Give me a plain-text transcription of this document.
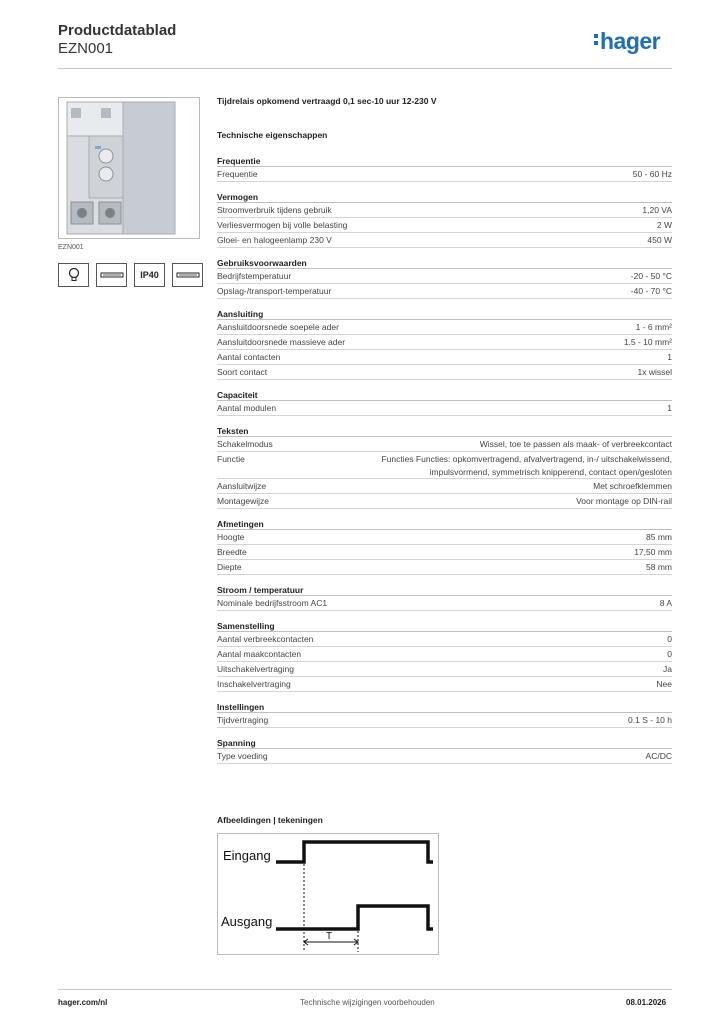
Productdatablad
EZN001	hager
EZN001
IP40
Tijdrelais opkomend vertraagd 0,1 sec-10 uur 12-230 V
Technische eigenschappen
Frequentie
Frequentie	50 - 60 Hz
Vermogen
Stroomverbruik tijdens gebruik	1,20 VA
Verliesvermogen bij volle belasting	2 W
Gloei- en halogeenlamp 230 V	450 W
Gebruiksvoorwaarden
Bedrijfstemperatuur	-20 - 50 °C
Opslag-/transport-temperatuur	-40 - 70 °C
Aansluiting
Aansluitdoorsnede soepele ader	1 - 6 mm²
Aansluitdoorsnede massieve ader	1.5 - 10 mm²
Aantal contacten	1
Soort contact	1x wissel
Capaciteit
Aantal modulen	1
Teksten
Schakelmodus	Wissel, toe te passen als maak- of verbreekcontact
Functie	Functies Functies: opkomvertragend, afvalvertragend, in-/ uitschakelwissend, impulsvormend, symmetrisch knipperend, contact open/gesloten
Aansluitwijze	Met schroefklemmen
Montagewijze	Voor montage op DIN-rail
Afmetingen
Hoogte	85 mm
Breedte	17,50 mm
Diepte	58 mm
Stroom / temperatuur
Nominale bedrijfsstroom AC1	8 A
Samenstelling
Aantal verbreekcontacten	0
Aantal maakcontacten	0
Uitschakelvertraging	Ja
Inschakelvertraging	Nee
Instellingen
Tijdvertraging	0.1 S - 10 h
Spanning
Type voeding	AC/DC
Afbeeldingen | tekeningen
Eingang
Ausgang
T
hager.com/nl	Technische wijzigingen voorbehouden	08.01.2026
